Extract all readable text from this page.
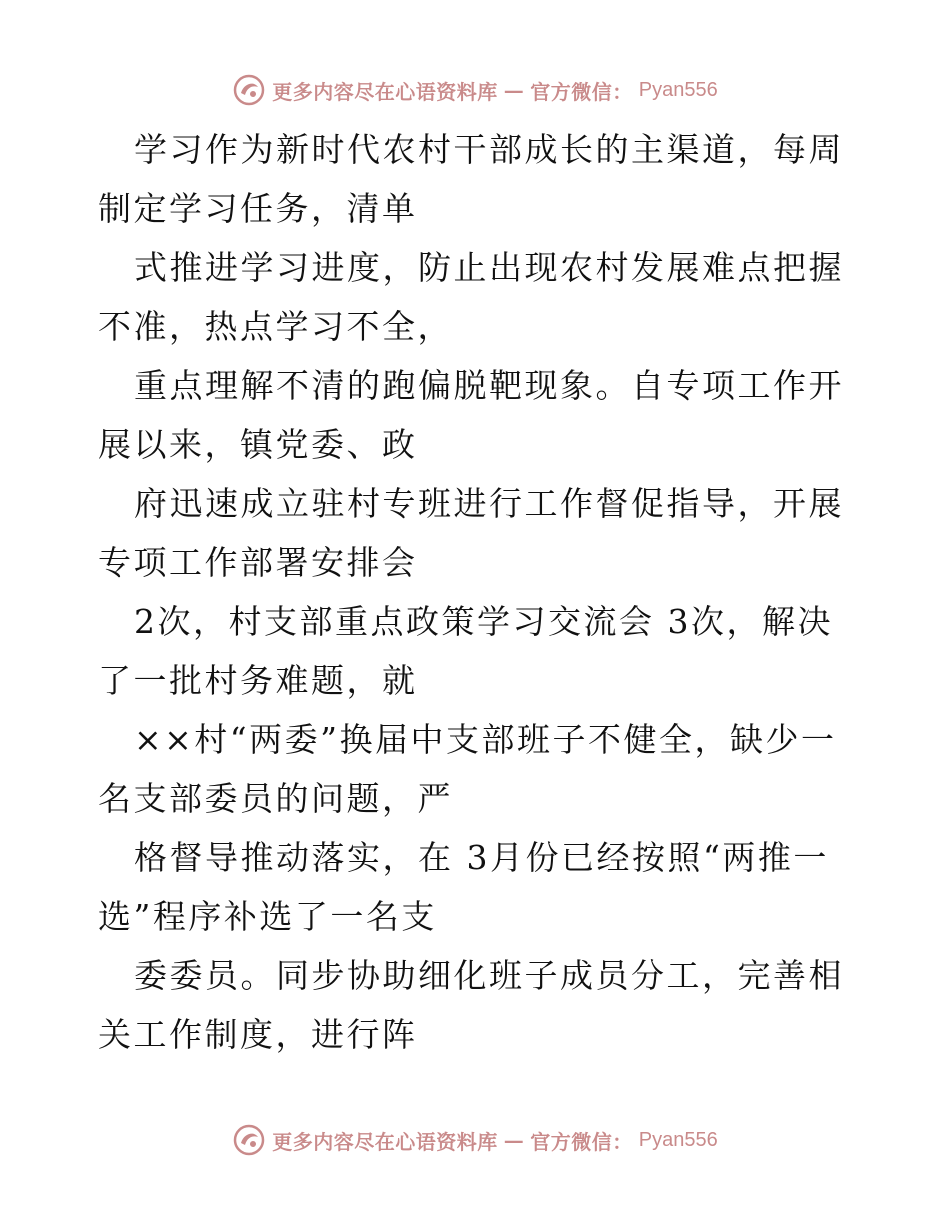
更多内容尽在心语资料库 — 官方微信： Pyan556

学习作为新时代农村干部成长的主渠道，每周制定学习任务，清单

式推进学习进度，防止出现农村发展难点把握不准，热点学习不全，

重点理解不清的跑偏脱靶现象。自专项工作开展以来，镇党委、政

府迅速成立驻村专班进行工作督促指导，开展专项工作部署安排会

2次，村支部重点政策学习交流会 3次，解决了一批村务难题，就

××村“两委”换届中支部班子不健全，缺少一名支部委员的问题，严

格督导推动落实，在 3月份已经按照“两推一选”程序补选了一名支

委委员。同步协助细化班子成员分工，完善相关工作制度，进行阵

更多内容尽在心语资料库 — 官方微信： Pyan556
